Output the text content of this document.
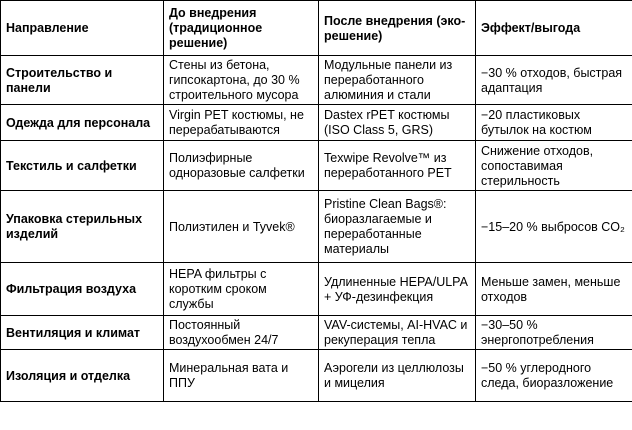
Направление	До внедрения (традиционное решение)	После внедрения (эко-решение)	Эффект/выгода
Строительство и панели	Стены из бетона, гипсокартона, до 30 % строительного мусора	Модульные панели из переработанного алюминия и стали	−30 % отходов, быстрая адаптация
Одежда для персонала	Virgin PET костюмы, не перерабатываются	Dastex rPET костюмы (ISO Class 5, GRS)	−20 пластиковых бутылок на костюм
Текстиль и салфетки	Полиэфирные одноразовые салфетки	Texwipe Revolve™ из переработанного PET	Снижение отходов, сопоставимая стерильность
Упаковка стерильных изделий	Полиэтилен и Tyvek®	Pristine Clean Bags®: биоразлагаемые и переработанные материалы	−15–20 % выбросов CO₂
Фильтрация воздуха	HEPA фильтры с коротким сроком службы	Удлиненные HEPA/ULPA + УФ-дезинфекция	Меньше замен, меньше отходов
Вентиляция и климат	Постоянный воздухообмен 24/7	VAV-системы, AI-HVAC и рекуперация тепла	−30–50 % энергопотребления
Изоляция и отделка	Минеральная вата и ППУ	Аэрогели из целлюлозы и мицелия	−50 % углеродного следа, биоразложение
